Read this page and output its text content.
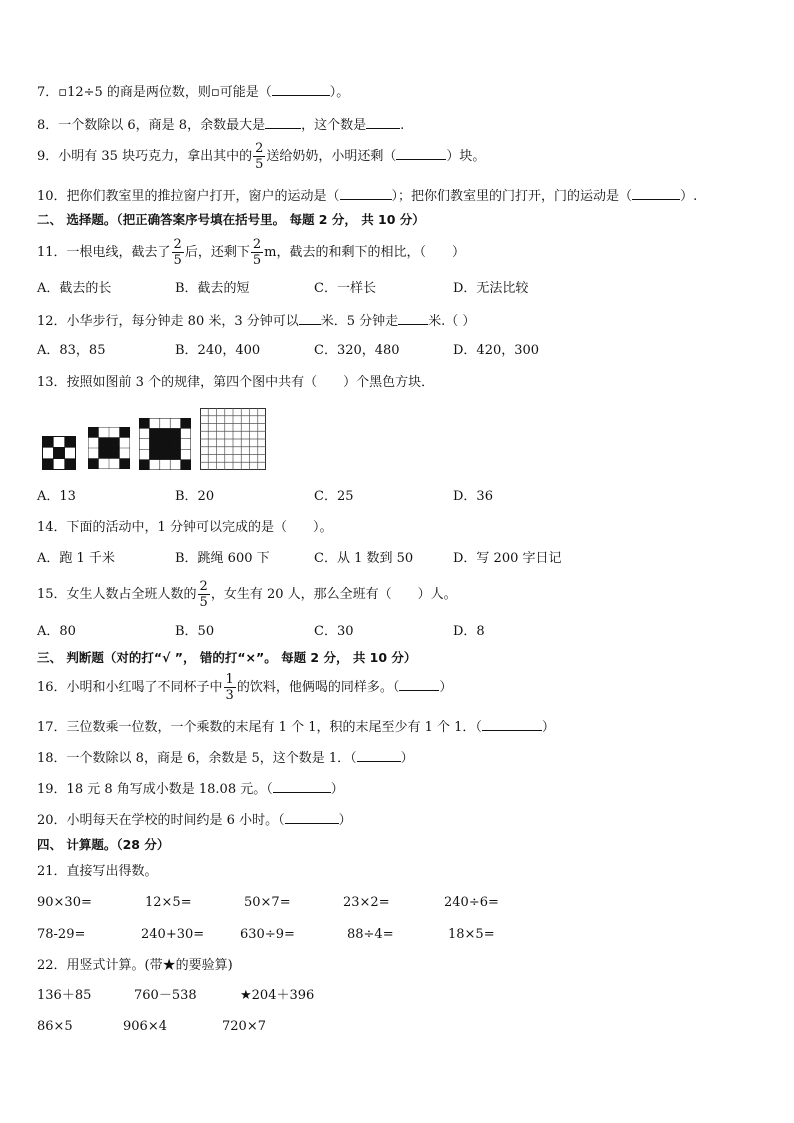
7．▫12÷5 的商是两位数，则▫可能是（	）。
8．一个数除以 6，商是 8，余数最大是	，这个数是	.
9．小明有 35 块巧克力，拿出其中的 $\frac{2}{5}$ 送给奶奶，小明还剩（	）块。
10．把你们教室里的推拉窗户打开，窗户的运动是（	）；把你们教室里的门打开，门的运动是（	）.
二、 选择题。（把正确答案序号填在括号里。 每题 2 分， 共 10 分）
11．一根电线，截去了 $\frac{2}{5}$ 后，还剩下 $\frac{2}{5}$ m，截去的和剩下的相比，（　　）
A．截去的长	B．截去的短	C．一样长	D．无法比较
12．小华步行，每分钟走 80 米，3 分钟可以 米．5 分钟走 米.（ ）
A．83，85	B．240，400	C．320，480	D．420，300
13．按照如图前 3 个的规律，第四个图中共有（　　）个黑色方块．
A．13	B．20	C．25	D．36
14．下面的活动中，1 分钟可以完成的是（　　）。
A．跑 1 千米	B．跳绳 600 下	C．从 1 数到 50	D．写 200 字日记
15．女生人数占全班人数的 $\frac{2}{5}$ ，女生有 20 人，那么全班有（　　）人。
A．80	B．50	C．30	D．8
三、 判断题（对的打“√ ”， 错的打“×”。 每题 2 分， 共 10 分）
16．小明和小红喝了不同杯子中 $\frac{1}{3}$ 的饮料，他俩喝的同样多。（	）
17．三位数乘一位数，一个乘数的末尾有 1 个 1，积的末尾至少有 1 个 1．（	）
18．一个数除以 8，商是 6，余数是 5，这个数是 1．（	）
19．18 元 8 角写成小数是 18.08 元。（	）
20．小明每天在学校的时间约是 6 小时。（	）
四、 计算题。（28 分）
21．直接写出得数。
90×30=	12×5=	50×7=	23×2=	240÷6=
78-29=	240+30=	630÷9=	88÷4=	18×5=
22．用竖式计算。(带★的要验算)
136＋85	760－538	★204＋396
86×5	906×4	720×7
